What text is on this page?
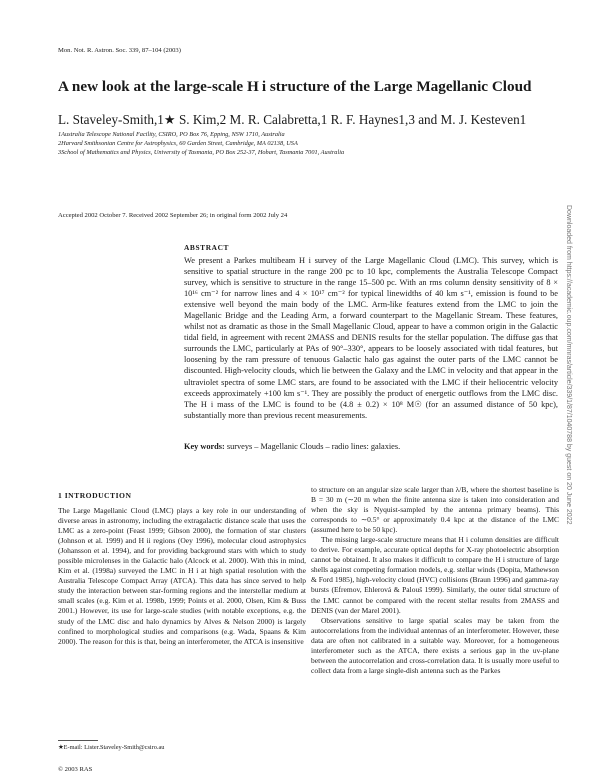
Mon. Not. R. Astron. Soc. 339, 87–104 (2003)
A new look at the large-scale H i structure of the Large Magellanic Cloud
L. Staveley-Smith,1★ S. Kim,2 M. R. Calabretta,1 R. F. Haynes1,3 and M. J. Kesteven1
1Australia Telescope National Facility, CSIRO, PO Box 76, Epping, NSW 1710, Australia
2Harvard Smithsonian Centre for Astrophysics, 60 Garden Street, Cambridge, MA 02138, USA
3School of Mathematics and Physics, University of Tasmania, PO Box 252-37, Hobart, Tasmania 7001, Australia
Accepted 2002 October 7. Received 2002 September 26; in original form 2002 July 24
ABSTRACT

We present a Parkes multibeam H i survey of the Large Magellanic Cloud (LMC). This survey, which is sensitive to spatial structure in the range 200 pc to 10 kpc, complements the Australia Telescope Compact survey, which is sensitive to structure in the range 15–500 pc. With an rms column density sensitivity of 8 × 10¹⁶ cm⁻² for narrow lines and 4 × 10¹⁷ cm⁻² for typical linewidths of 40 km s⁻¹, emission is found to be extensive well beyond the main body of the LMC. Arm-like features extend from the LMC to join the Magellanic Bridge and the Leading Arm, a forward counterpart to the Magellanic Stream. These features, whilst not as dramatic as those in the Small Magellanic Cloud, appear to have a common origin in the Galactic tidal field, in agreement with recent 2MASS and DENIS results for the stellar population. The diffuse gas that surrounds the LMC, particularly at PAs of 90°–330°, appears to be loosely associated with tidal features, but loosening by the ram pressure of tenuous Galactic halo gas against the outer parts of the LMC cannot be discounted. High-velocity clouds, which lie between the Galaxy and the LMC in velocity and that appear in the ultraviolet spectra of some LMC stars, are found to be associated with the LMC if their heliocentric velocity exceeds approximately +100 km s⁻¹. They are possibly the product of energetic outflows from the LMC disc. The H i mass of the LMC is found to be (4.8 ± 0.2) × 10⁸ M☉ (for an assumed distance of 50 kpc), substantially more than previous recent measurements.

Key words: surveys – Magellanic Clouds – radio lines: galaxies.
1 INTRODUCTION

The Large Magellanic Cloud (LMC) plays a key role in our understanding of diverse areas in astronomy, including the extragalactic distance scale that uses the LMC as a zero-point (Feast 1999; Gibson 2000), the formation of star clusters (Johnson et al. 1999) and H ii regions (Oey 1996), molecular cloud astrophysics (Johansson et al. 1994), and for providing background stars with which to study possible microlenses in the Galactic halo (Alcock et al. 2000). With this in mind, Kim et al. (1998a) surveyed the LMC in H i at high spatial resolution with the Australia Telescope Compact Array (ATCA). This data has since served to help study the interaction between star-forming regions and the interstellar medium at small scales (e.g. Kim et al. 1998b, 1999; Points et al. 2000, Olsen, Kim & Buss 2001.) However, its use for large-scale studies (with notable exceptions, e.g. the study of the LMC disc and halo dynamics by Alves & Nelson 2000) is largely confined to morphological studies and comparisons (e.g. Wada, Spaans & Kim 2000). The reason for this is that, being an interferometer, the ATCA is insensitive

to structure on an angular size scale larger than λ/B, where the shortest baseline is B = 30 m (∼20 m when the finite antenna size is taken into consideration and when the sky is Nyquist-sampled by the antenna primary beams). This corresponds to ∼0.5° or approximately 0.4 kpc at the distance of the LMC (assumed here to be 50 kpc).

The missing large-scale structure means that H i column densities are difficult to derive. For example, accurate optical depths for X-ray photoelectric absorption cannot be obtained. It also makes it difficult to compare the H i structure of large shells against competing formation models, e.g. stellar winds (Dopita, Mathewson & Ford 1985), high-velocity cloud (HVC) collisions (Braun 1996) and gamma-ray bursts (Efremov, Ehlerová & Palouš 1999). Similarly, the outer tidal structure of the LMC cannot be compared with the recent stellar results from 2MASS and DENIS (van der Marel 2001).

Observations sensitive to large spatial scales may be taken from the autocorrelations from the individual antennas of an interferometer. However, these data are often not calibrated in a suitable way. Moreover, for a homogeneous interferometer such as the ATCA, there exists a serious gap in the uv-plane between the autocorrelation and cross-correlation data. It is usually more useful to collect data from a large single-dish antenna such as the Parkes

★E-mail: Lister.Staveley-Smith@csiro.au
© 2003 RAS
Downloaded from https://academic.oup.com/mnras/article/339/1/87/1040788 by guest on 20 June 2022
